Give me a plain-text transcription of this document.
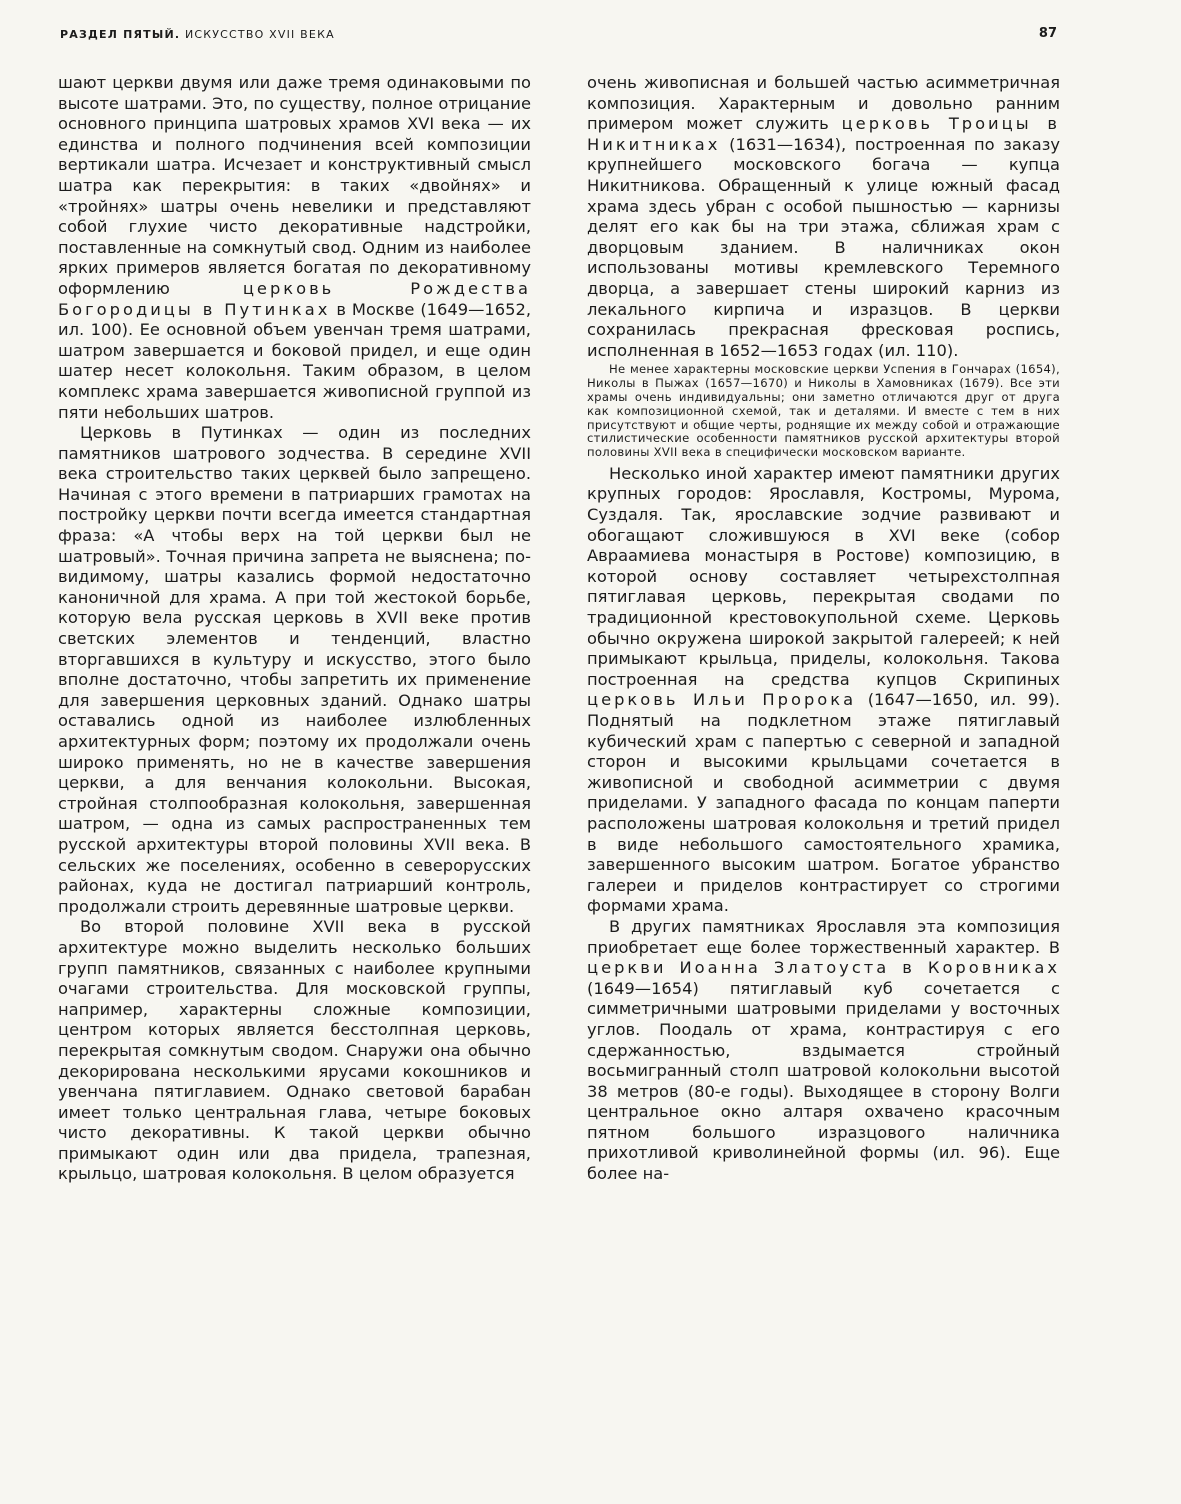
РАЗДЕЛ ПЯТЫЙ. ИСКУССТВО XVII ВЕКА	87

шают церкви двумя или даже тремя одинаковыми по высоте шатрами. Это, по существу, полное отрицание основного принципа шатровых храмов XVI века — их единства и полного подчинения всей композиции вертикали шатра. Исчезает и конструктивный смысл шатра как перекрытия: в таких «двойнях» и «тройнях» шатры очень невелики и представляют собой глухие чисто декоративные надстройки, поставленные на сомкнутый свод. Одним из наиболее ярких примеров является богатая по декоративному оформлению	церковь Рождества Богородицы в Путинках в Москве (1649—1652, ил. 100). Ее основной объем увенчан тремя шатрами, шатром завершается и боковой придел, и еще один шатер несет колокольня. Таким образом, в целом комплекс храма завершается живописной группой из пяти небольших шатров.

Церковь в Путинках — один из последних памятников шатрового зодчества. В середине XVII века строительство таких церквей было запрещено. Начиная с этого времени в патриарших грамотах на постройку церкви почти всегда имеется стандартная фраза: «А чтобы верх на той церкви был не шатровый». Точная причина запрета не выяснена; по-видимому, шатры казались формой недостаточно каноничной для храма. А при той жестокой борьбе, которую вела русская церковь в XVII веке против светских элементов и тенденций, властно вторгавшихся в культуру и искусство, этого было вполне достаточно, чтобы запретить их применение для завершения церковных зданий. Однако шатры оставались одной из наиболее излюбленных архитектурных форм; поэтому их продолжали очень широко применять, но не в качестве завершения церкви, а для венчания колокольни. Высокая, стройная столпообразная колокольня, завершенная шатром, — одна из самых распространенных тем русской архитектуры второй половины XVII века. В сельских же поселениях, особенно в северорусских районах, куда не достигал патриарший контроль, продолжали строить деревянные шатровые церкви.

Во второй половине XVII века в русской архитектуре можно выделить несколько больших групп памятников, связанных с наиболее крупными очагами строительства. Для московской группы, например, характерны сложные композиции, центром которых является бесстолпная церковь, перекрытая сомкнутым сводом. Снаружи она обычно декорирована несколькими ярусами кокошников и увенчана пятиглавием. Однако световой барабан имеет только центральная глава, четыре боковых чисто декоративны. К такой церкви обычно примыкают один или два придела, трапезная, крыльцо, шатровая колокольня. В целом образуется

очень живописная и большей частью асимметричная композиция. Характерным и довольно ранним примером может служить церковь Троицы в Никитниках (1631—1634), построенная по заказу крупнейшего московского богача — купца Никитникова. Обращенный к улице южный фасад храма здесь убран с особой пышностью — карнизы делят его как бы на три этажа, сближая храм с дворцовым зданием. В наличниках окон использованы мотивы кремлевского Теремного дворца, а завершает стены широкий карниз из лекального кирпича и изразцов. В церкви сохранилась прекрасная фресковая роспись, исполненная в 1652—1653 годах (ил. 110).

Не менее характерны московские церкви Успения в Гончарах (1654), Николы в Пыжах (1657—1670) и Николы в Хамовниках (1679). Все эти храмы очень индивидуальны; они заметно отличаются друг от друга как композиционной схемой, так и деталями. И вместе с тем в них присутствуют и общие черты, роднящие их между собой и отражающие стилистические особенности памятников русской архитектуры второй половины XVII века в специфически московском варианте.

Несколько иной характер имеют памятники других крупных городов: Ярославля, Костромы, Мурома, Суздаля. Так, ярославские зодчие развивают и обогащают сложившуюся в XVI веке (собор Авраамиева монастыря в Ростове) композицию, в которой основу составляет четырехстолпная пятиглавая церковь, перекрытая сводами по традиционной крестовокупольной схеме. Церковь обычно окружена широкой закрытой галереей; к ней примыкают крыльца, приделы, колокольня. Такова построенная на средства купцов Скрипиных церковь Ильи Пророка (1647—1650, ил. 99). Поднятый на подклетном этаже пятиглавый кубический храм с папертью с северной и западной сторон и высокими крыльцами сочетается в живописной и свободной асимметрии с двумя приделами. У западного фасада по концам паперти расположены шатровая колокольня и третий придел в виде небольшого самостоятельного храмика, завершенного высоким шатром. Богатое убранство галереи и приделов контрастирует со строгими формами храма.

В других памятниках Ярославля эта композиция приобретает еще более торжественный характер. В церкви Иоанна Златоуста в Коровниках (1649—1654) пятиглавый куб сочетается с симметричными шатровыми приделами у восточных углов. Поодаль от храма, контрастируя с его сдержанностью, вздымается стройный восьмигранный столп шатровой колокольни высотой 38 метров (80-е годы). Выходящее в сторону Волги центральное окно алтаря охвачено красочным пятном большого изразцового наличника прихотливой криволинейной формы (ил. 96). Еще более на-
